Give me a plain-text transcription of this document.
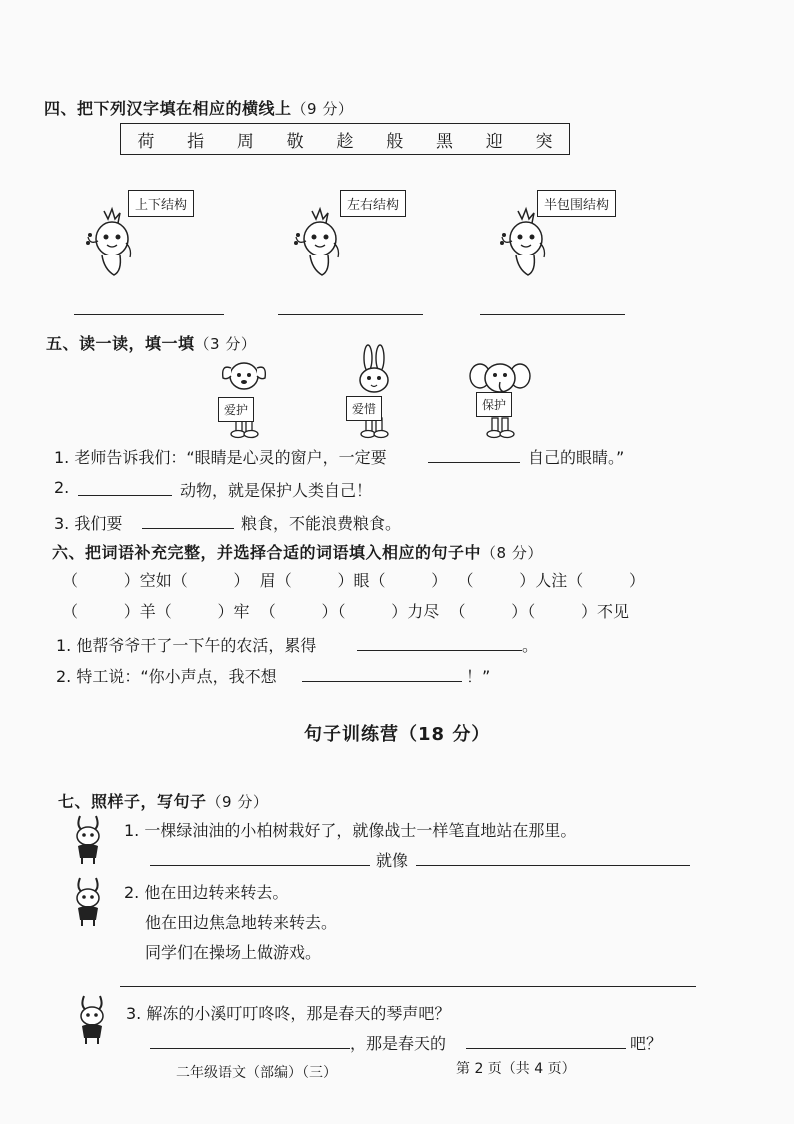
四、把下列汉字填在相应的横线上（9 分）
荷 指 周 敬 趁 般 黑 迎 突
上下结构	左右结构	半包围结构
五、读一读，填一填（3 分）
爱护	爱惜	保护
1. 老师告诉我们：“眼睛是心灵的窗户，一定要	自己的眼睛。”
2.	动物，就是保护人类自己！
3. 我们要	粮食，不能浪费粮食。
六、把词语补充完整，并选择合适的词语填入相应的句子中（8 分）
（         ）空如（         ）  眉（         ）眼（         ）  （         ）人注（         ）
（         ）羊（         ）牢  （         ）（         ）力尽  （         ）（         ）不见
1. 他帮爷爷干了一下午的农活，累得	。
2. 特工说：“你小声点，我不想	！”
句子训练营（18 分）
七、照样子，写句子（9 分）
1. 一棵绿油油的小柏树栽好了，就像战士一样笔直地站在那里。
就像
2. 他在田边转来转去。
他在田边焦急地转来转去。
同学们在操场上做游戏。
3. 解冻的小溪叮叮咚咚，那是春天的琴声吧？
，那是春天的	吧？
二年级语文（部编）（三）	第 2 页（共 4 页）
